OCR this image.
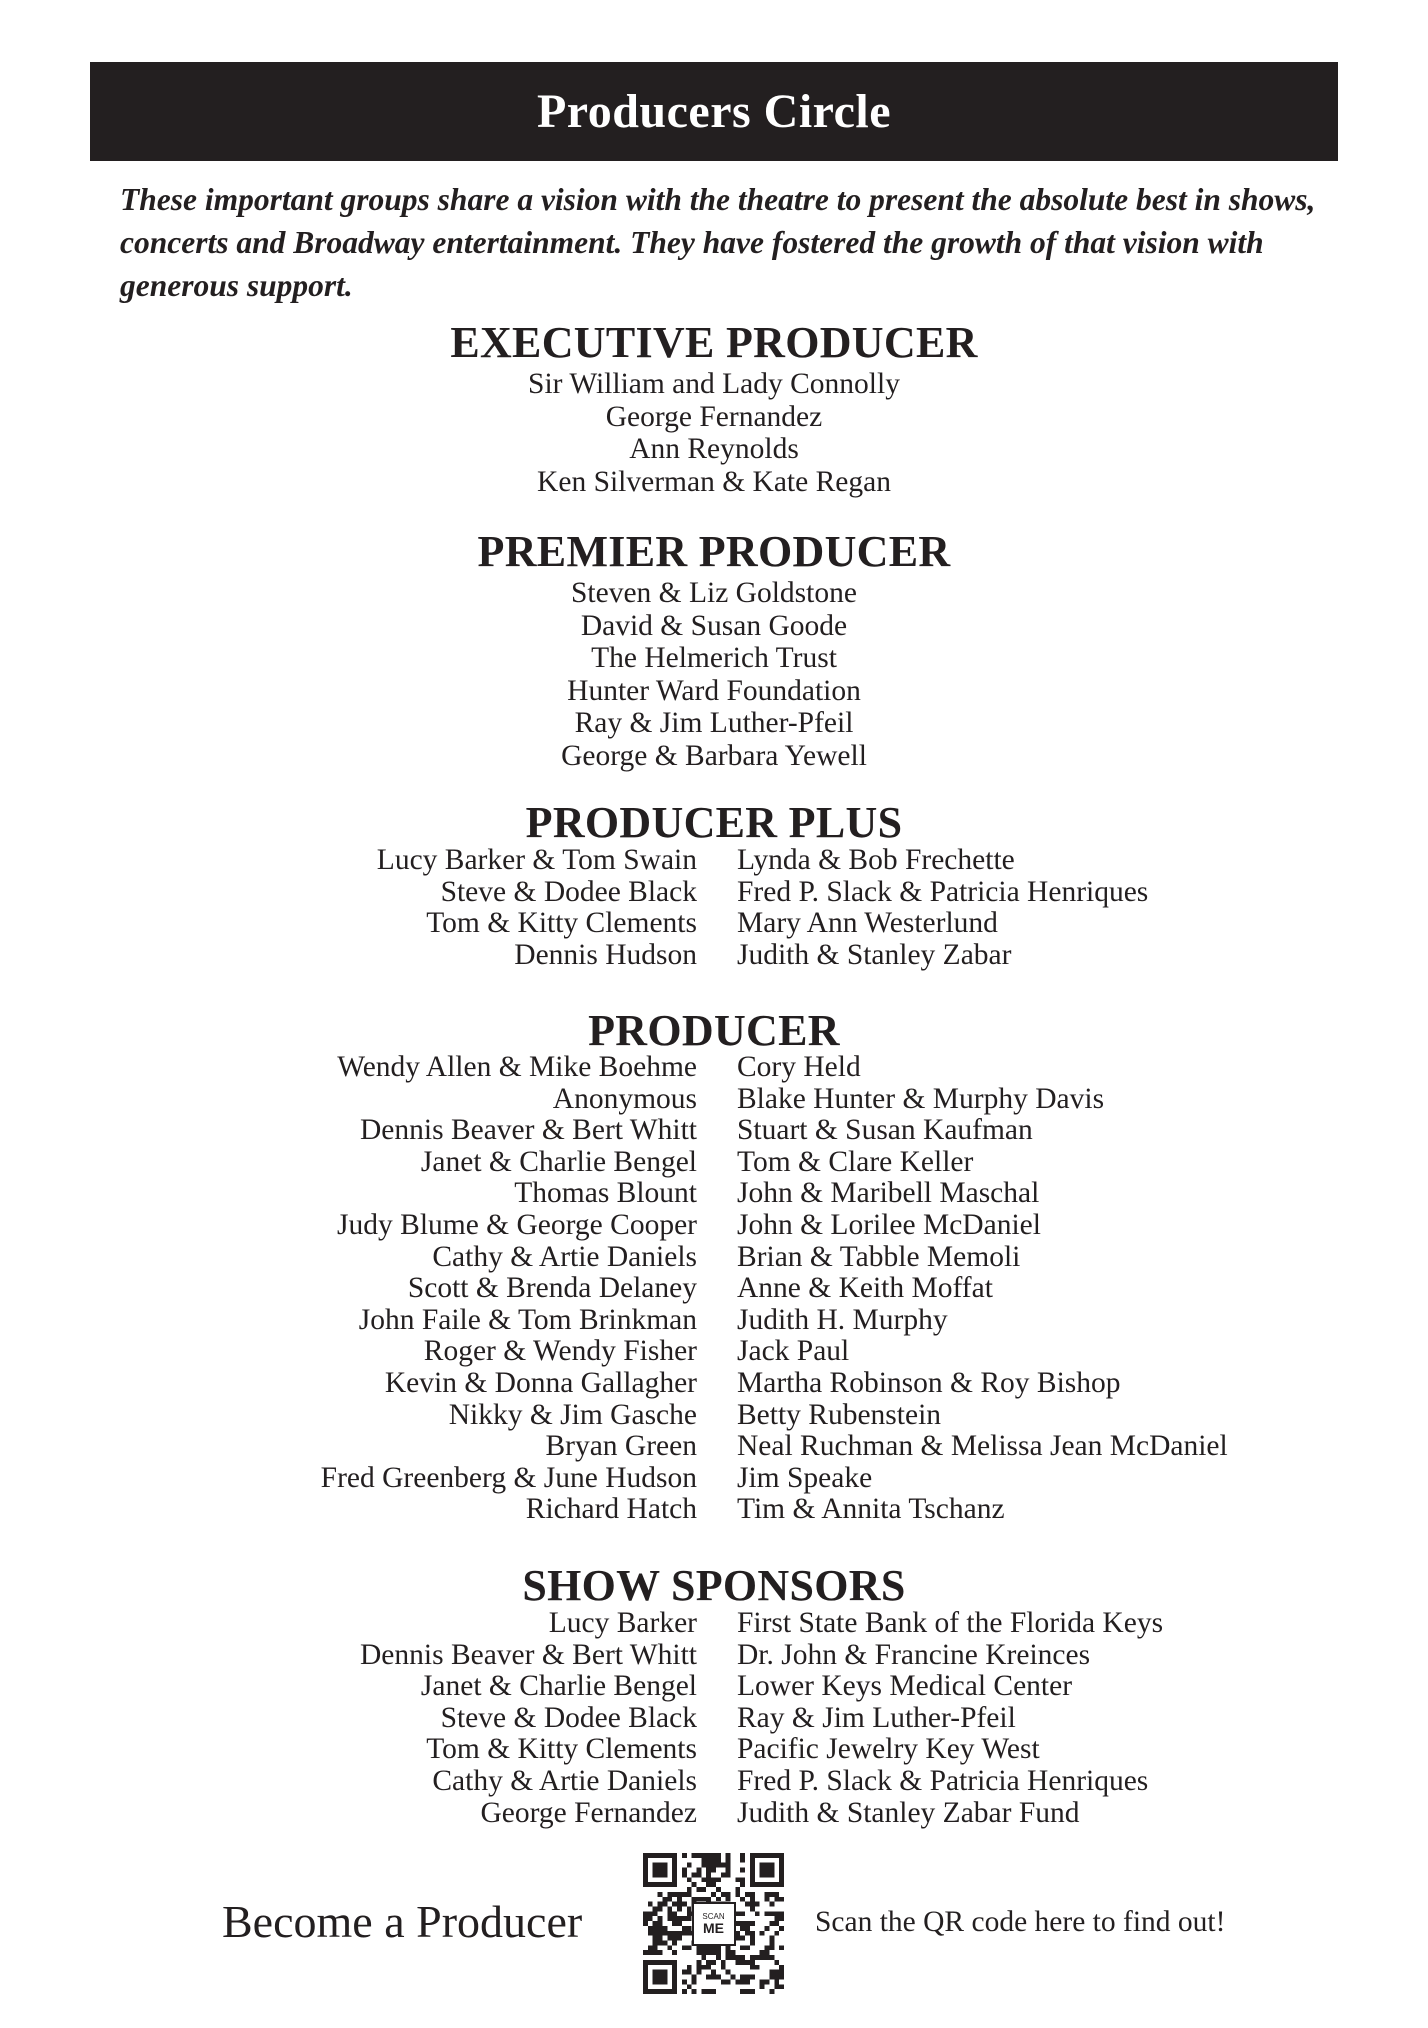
Producers Circle

These important groups share a vision with the theatre to present the absolute best in shows, concerts and Broadway entertainment. They have fostered the growth of that vision with generous support.

EXECUTIVE PRODUCER
Sir William and Lady Connolly
George Fernandez
Ann Reynolds
Ken Silverman & Kate Regan
PREMIER PRODUCER
Steven & Liz Goldstone
David & Susan Goode
The Helmerich Trust
Hunter Ward Foundation
Ray & Jim Luther-Pfeil
George & Barbara Yewell
PRODUCER PLUS
Lucy Barker & Tom Swain
Steve & Dodee Black
Tom & Kitty Clements
Dennis Hudson
Lynda & Bob Frechette
Fred P. Slack & Patricia Henriques
Mary Ann Westerlund
Judith & Stanley Zabar
PRODUCER
Wendy Allen & Mike Boehme
Anonymous
Dennis Beaver & Bert Whitt
Janet & Charlie Bengel
Thomas Blount
Judy Blume & George Cooper
Cathy & Artie Daniels
Scott & Brenda Delaney
John Faile & Tom Brinkman
Roger & Wendy Fisher
Kevin & Donna Gallagher
Nikky & Jim Gasche
Bryan Green
Fred Greenberg & June Hudson
Richard Hatch
Cory Held
Blake Hunter & Murphy Davis
Stuart & Susan Kaufman
Tom & Clare Keller
John & Maribell Maschal
John & Lorilee McDaniel
Brian & Tabble Memoli
Anne & Keith Moffat
Judith H. Murphy
Jack Paul
Martha Robinson & Roy Bishop
Betty Rubenstein
Neal Ruchman & Melissa Jean McDaniel
Jim Speake
Tim & Annita Tschanz
SHOW SPONSORS
Lucy Barker
Dennis Beaver & Bert Whitt
Janet & Charlie Bengel
Steve & Dodee Black
Tom & Kitty Clements
Cathy & Artie Daniels
George Fernandez
First State Bank of the Florida Keys
Dr. John & Francine Kreinces
Lower Keys Medical Center
Ray & Jim Luther-Pfeil
Pacific Jewelry Key West
Fred P. Slack & Patricia Henriques
Judith & Stanley Zabar Fund

Become a Producer	SCAN
ME	Scan the QR code here to find out!
